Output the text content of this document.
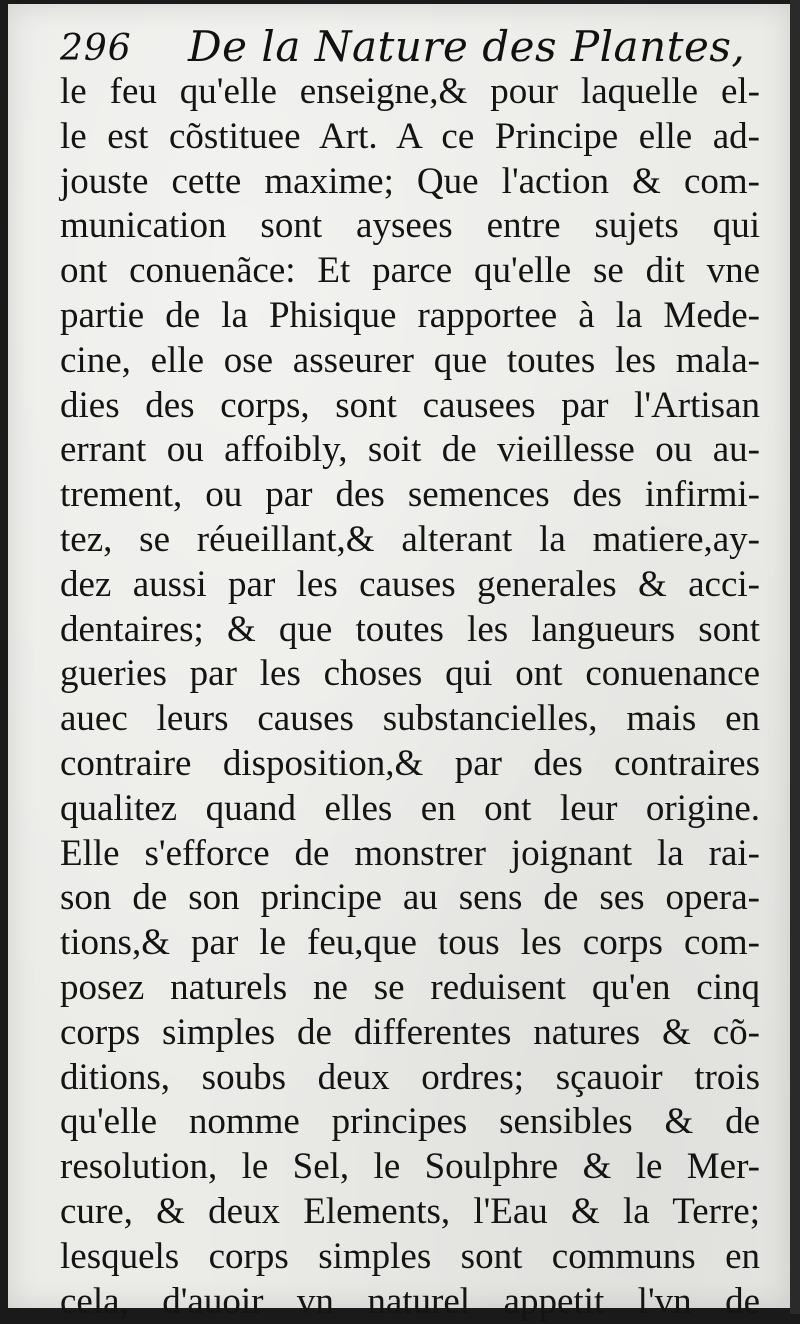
296 De la Nature des Plantes,
le feu qu'elle enseigne,& pour laquelle el-
le est cõstituee Art. A ce Principe elle ad-
jouste cette maxime; Que l'action & com-
munication sont aysees entre sujets qui
ont conuenãce: Et parce qu'elle se dit vne
partie de la Phisique rapportee à la Mede-
cine, elle ose asseurer que toutes les mala-
dies des corps, sont causees par l'Artisan
errant ou affoibly, soit de vieillesse ou au-
trement, ou par des semences des infirmi-
tez, se réueillant,& alterant la matiere,ay-
dez aussi par les causes generales & acci-
dentaires; & que toutes les langueurs sont
gueries par les choses qui ont conuenance
auec leurs causes substancielles, mais en
contraire disposition,& par des contraires
qualitez quand elles en ont leur origine.
Elle s'efforce de monstrer joignant la rai-
son de son principe au sens de ses opera-
tions,& par le feu,que tous les corps com-
posez naturels ne se reduisent qu'en cinq
corps simples de differentes natures & cõ-
ditions, soubs deux ordres; sçauoir trois
qu'elle nomme principes sensibles & de
resolution, le Sel, le Soulphre & le Mer-
cure, & deux Elements, l'Eau & la Terre;
lesquels corps simples sont communs en
cela, d'auoir vn naturel appetit l'vn de
